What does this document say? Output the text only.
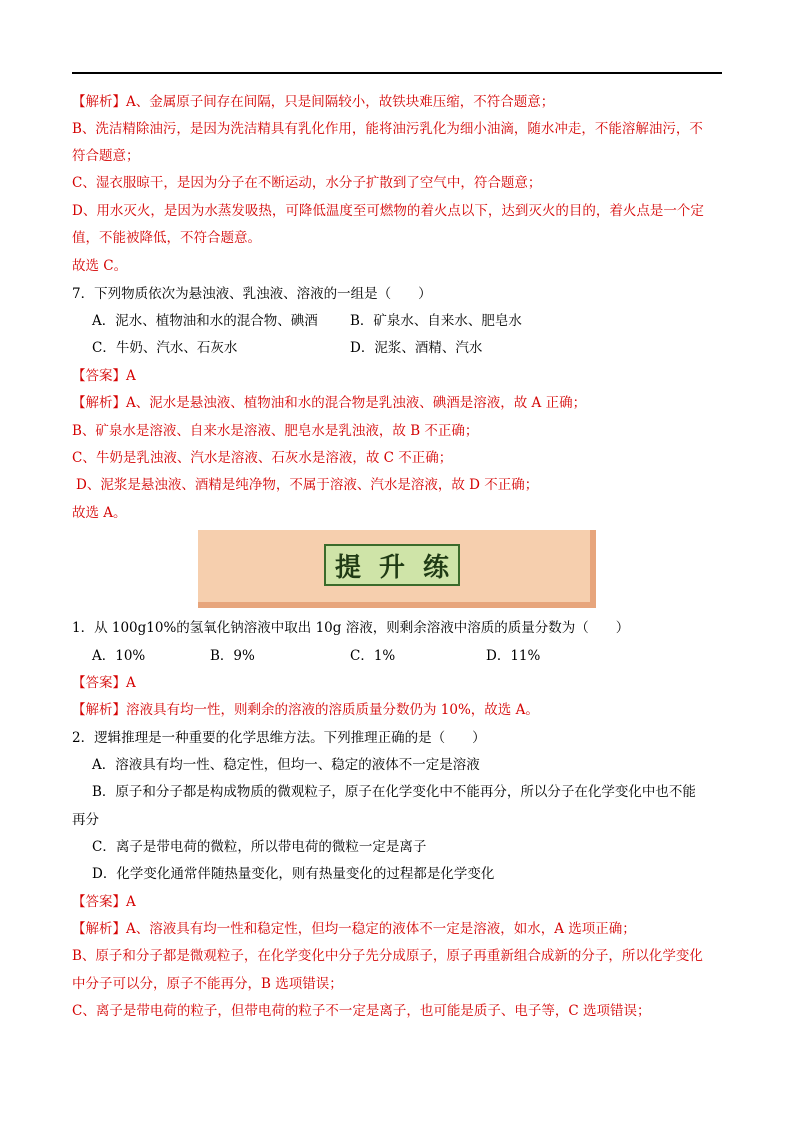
【解析】A、金属原子间存在间隔，只是间隔较小，故铁块难压缩，不符合题意；
B、洗洁精除油污，是因为洗洁精具有乳化作用，能将油污乳化为细小油滴，随水冲走，不能溶解油污，不
符合题意；
C、湿衣服晾干，是因为分子在不断运动，水分子扩散到了空气中，符合题意；
D、用水灭火，是因为水蒸发吸热，可降低温度至可燃物的着火点以下，达到灭火的目的，着火点是一个定
值，不能被降低，不符合题意。
故选 C。
7．下列物质依次为悬浊液、乳浊液、溶液的一组是（　　）
A．泥水、植物油和水的混合物、碘酒 B．矿泉水、自来水、肥皂水
C．牛奶、汽水、石灰水	D．泥浆、酒精、汽水
【答案】A
【解析】A、泥水是悬浊液、植物油和水的混合物是乳浊液、碘酒是溶液，故 A 正确；
B、矿泉水是溶液、自来水是溶液、肥皂水是乳浊液，故 B 不正确；
C、牛奶是乳浊液、汽水是溶液、石灰水是溶液，故 C 不正确；
D、泥浆是悬浊液、酒精是纯净物，不属于溶液、汽水是溶液，故 D 不正确；
故选 A。
提 升 练
1．从 100g10%的氢氧化钠溶液中取出 10g 溶液，则剩余溶液中溶质的质量分数为（　　）
A．10%	B．9%	C．1%	D．11%
【答案】A
【解析】溶液具有均一性，则剩余的溶液的溶质质量分数仍为 10%，故选 A。
2．逻辑推理是一种重要的化学思维方法。下列推理正确的是（　　）
A．溶液具有均一性、稳定性，但均一、稳定的液体不一定是溶液
B．原子和分子都是构成物质的微观粒子，原子在化学变化中不能再分，所以分子在化学变化中也不能
再分
C．离子是带电荷的微粒，所以带电荷的微粒一定是离子
D．化学变化通常伴随热量变化，则有热量变化的过程都是化学变化
【答案】A
【解析】A、溶液具有均一性和稳定性，但均一稳定的液体不一定是溶液，如水，A 选项正确；
B、原子和分子都是微观粒子，在化学变化中分子先分成原子，原子再重新组合成新的分子，所以化学变化
中分子可以分，原子不能再分，B 选项错误；
C、离子是带电荷的粒子，但带电荷的粒子不一定是离子，也可能是质子、电子等，C 选项错误；
